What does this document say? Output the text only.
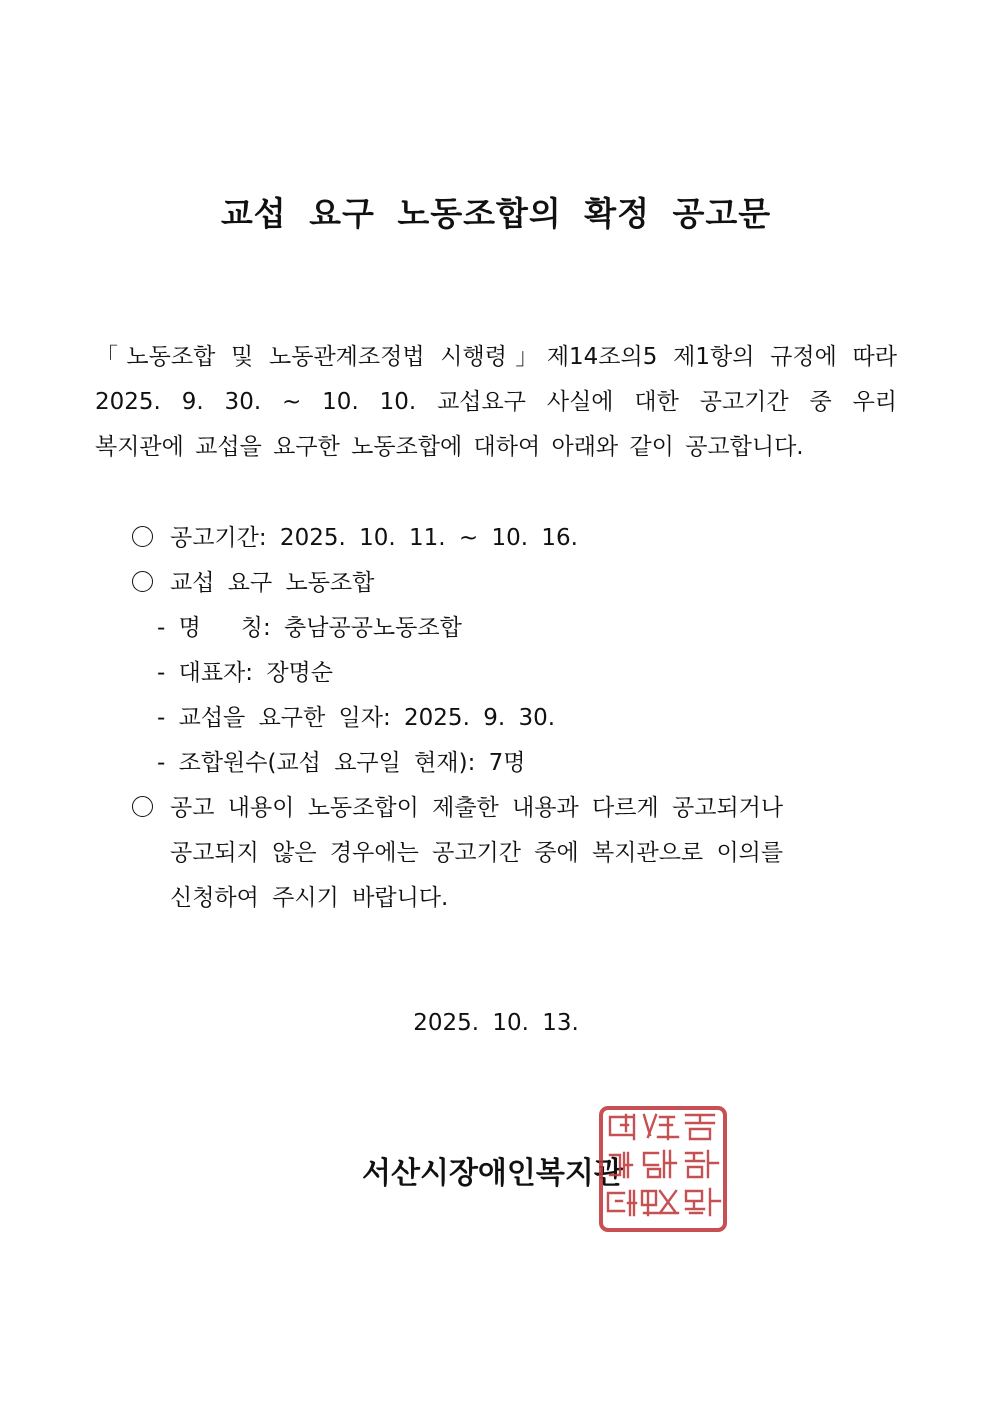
교섭 요구 노동조합의 확정 공고문
「노동조합 및 노동관계조정법 시행령」제14조의5 제1항의 규정에 따라
2025. 9. 30. ~ 10. 10. 교섭요구 사실에 대한 공고기간 중 우리
복지관에 교섭을 요구한 노동조합에 대하여 아래와 같이 공고합니다.
공고기간: 2025. 10. 11. ~ 10. 16.
교섭 요구 노동조합
- 명   칭: 충남공공노동조합
- 대표자: 장명순
- 교섭을 요구한 일자: 2025. 9. 30.
- 조합원수(교섭 요구일 현재): 7명
공고 내용이 노동조합이 제출한 내용과 다르게 공고되거나
공고되지 않은 경우에는 공고기간 중에 복지관으로 이의를
신청하여 주시기 바랍니다.
2025. 10. 13.
서산시장애인복지관
